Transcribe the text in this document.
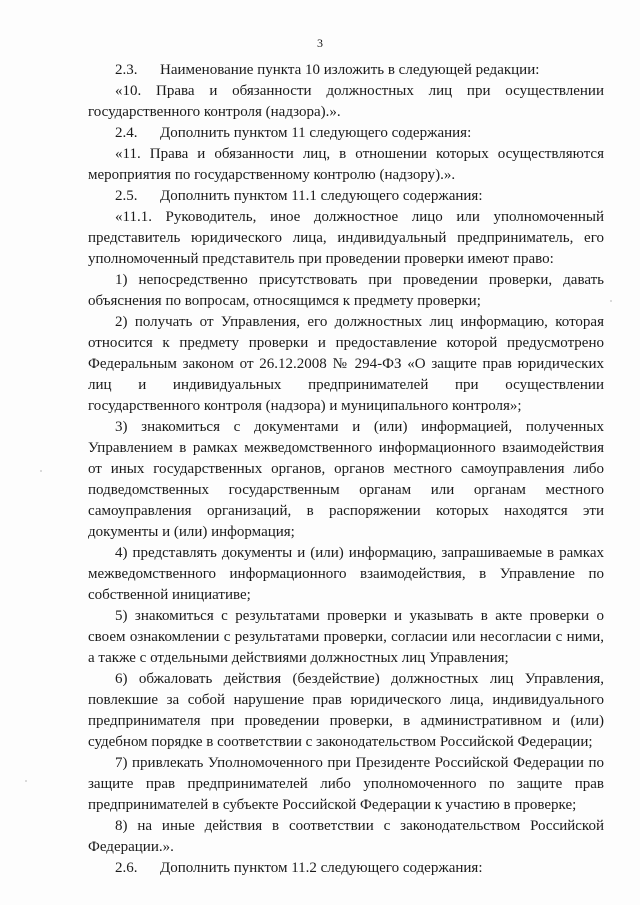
3

2.3. Наименование пункта 10 изложить в следующей редакции:

«10. Права и обязанности должностных лиц при осуществлении государственного контроля (надзора).».

2.4. Дополнить пунктом 11 следующего содержания:

«11. Права и обязанности лиц, в отношении которых осуществляются мероприятия по государственному контролю (надзору).».

2.5. Дополнить пунктом 11.1 следующего содержания:

«11.1. Руководитель, иное должностное лицо или уполномоченный представитель юридического лица, индивидуальный предприниматель, его уполномоченный представитель при проведении проверки имеют право:

1) непосредственно присутствовать при проведении проверки, давать объяснения по вопросам, относящимся к предмету проверки;

2) получать от Управления, его должностных лиц информацию, которая относится к предмету проверки и предоставление которой предусмотрено Федеральным законом от 26.12.2008 № 294-ФЗ «О защите прав юридических лиц и индивидуальных предпринимателей при осуществлении государственного контроля (надзора) и муниципального контроля»;

3) знакомиться с документами и (или) информацией, полученных Управлением в рамках межведомственного информационного взаимодействия от иных государственных органов, органов местного самоуправления либо подведомственных государственным органам или органам местного самоуправления организаций, в распоряжении которых находятся эти документы и (или) информация;

4) представлять документы и (или) информацию, запрашиваемые в рамках межведомственного информационного взаимодействия, в Управление по собственной инициативе;

5) знакомиться с результатами проверки и указывать в акте проверки о своем ознакомлении с результатами проверки, согласии или несогласии с ними, а также с отдельными действиями должностных лиц Управления;

6) обжаловать действия (бездействие) должностных лиц Управления, повлекшие за собой нарушение прав юридического лица, индивидуального предпринимателя при проведении проверки, в административном и (или) судебном порядке в соответствии с законодательством Российской Федерации;

7) привлекать Уполномоченного при Президенте Российской Федерации по защите прав предпринимателей либо уполномоченного по защите прав предпринимателей в субъекте Российской Федерации к участию в проверке;

8) на иные действия в соответствии с законодательством Российской Федерации.».

2.6. Дополнить пунктом 11.2 следующего содержания:
